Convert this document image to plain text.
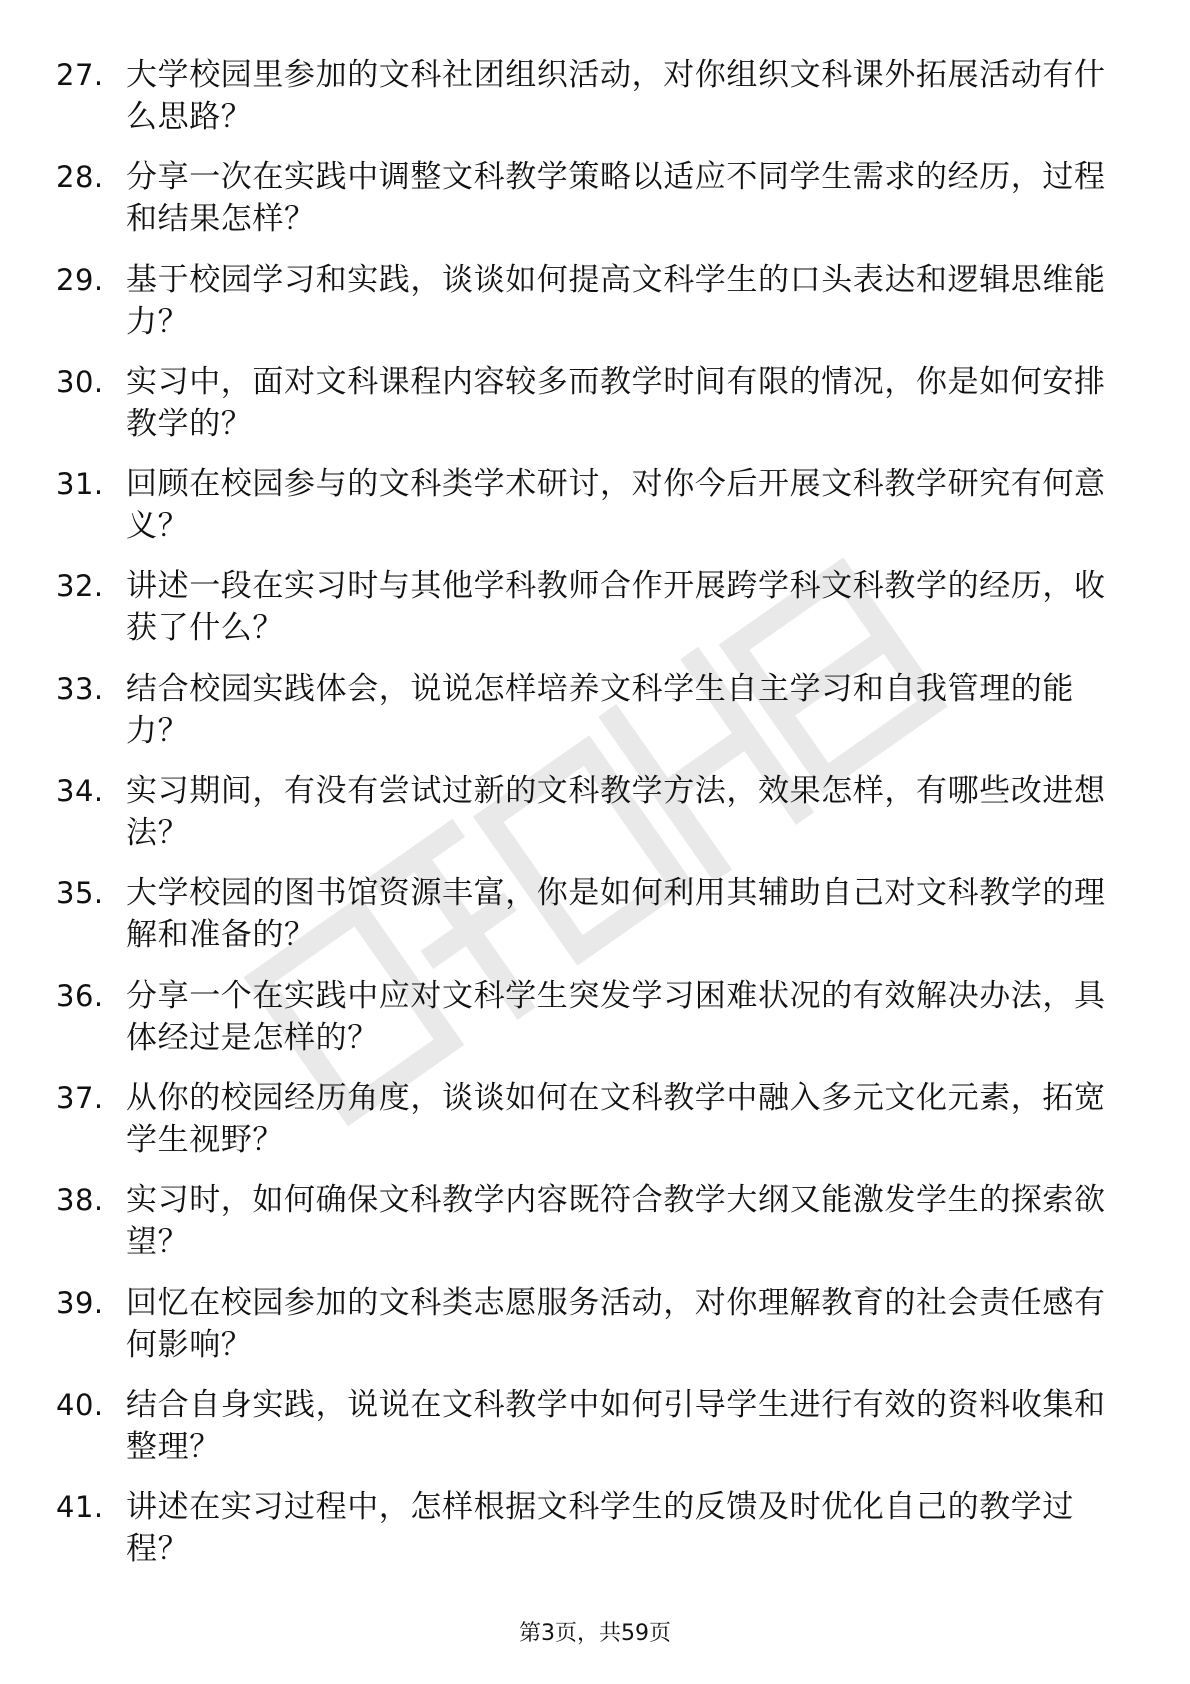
27. 大学校园里参加的文科社团组织活动，对你组织文科课外拓展活动有什么思路？
28. 分享一次在实践中调整文科教学策略以适应不同学生需求的经历，过程和结果怎样？
29. 基于校园学习和实践，谈谈如何提高文科学生的口头表达和逻辑思维能力？
30. 实习中，面对文科课程内容较多而教学时间有限的情况，你是如何安排教学的？
31. 回顾在校园参与的文科类学术研讨，对你今后开展文科教学研究有何意义？
32. 讲述一段在实习时与其他学科教师合作开展跨学科文科教学的经历，收获了什么？
33. 结合校园实践体会，说说怎样培养文科学生自主学习和自我管理的能力？
34. 实习期间，有没有尝试过新的文科教学方法，效果怎样，有哪些改进想法？
35. 大学校园的图书馆资源丰富，你是如何利用其辅助自己对文科教学的理解和准备的？
36. 分享一个在实践中应对文科学生突发学习困难状况的有效解决办法，具体经过是怎样的？
37. 从你的校园经历角度，谈谈如何在文科教学中融入多元文化元素，拓宽学生视野？
38. 实习时，如何确保文科教学内容既符合教学大纲又能激发学生的探索欲望？
39. 回忆在校园参加的文科类志愿服务活动，对你理解教育的社会责任感有何影响？
40. 结合自身实践，说说在文科教学中如何引导学生进行有效的资料收集和整理？
41. 讲述在实习过程中，怎样根据文科学生的反馈及时优化自己的教学过程？
第3页，共59页
